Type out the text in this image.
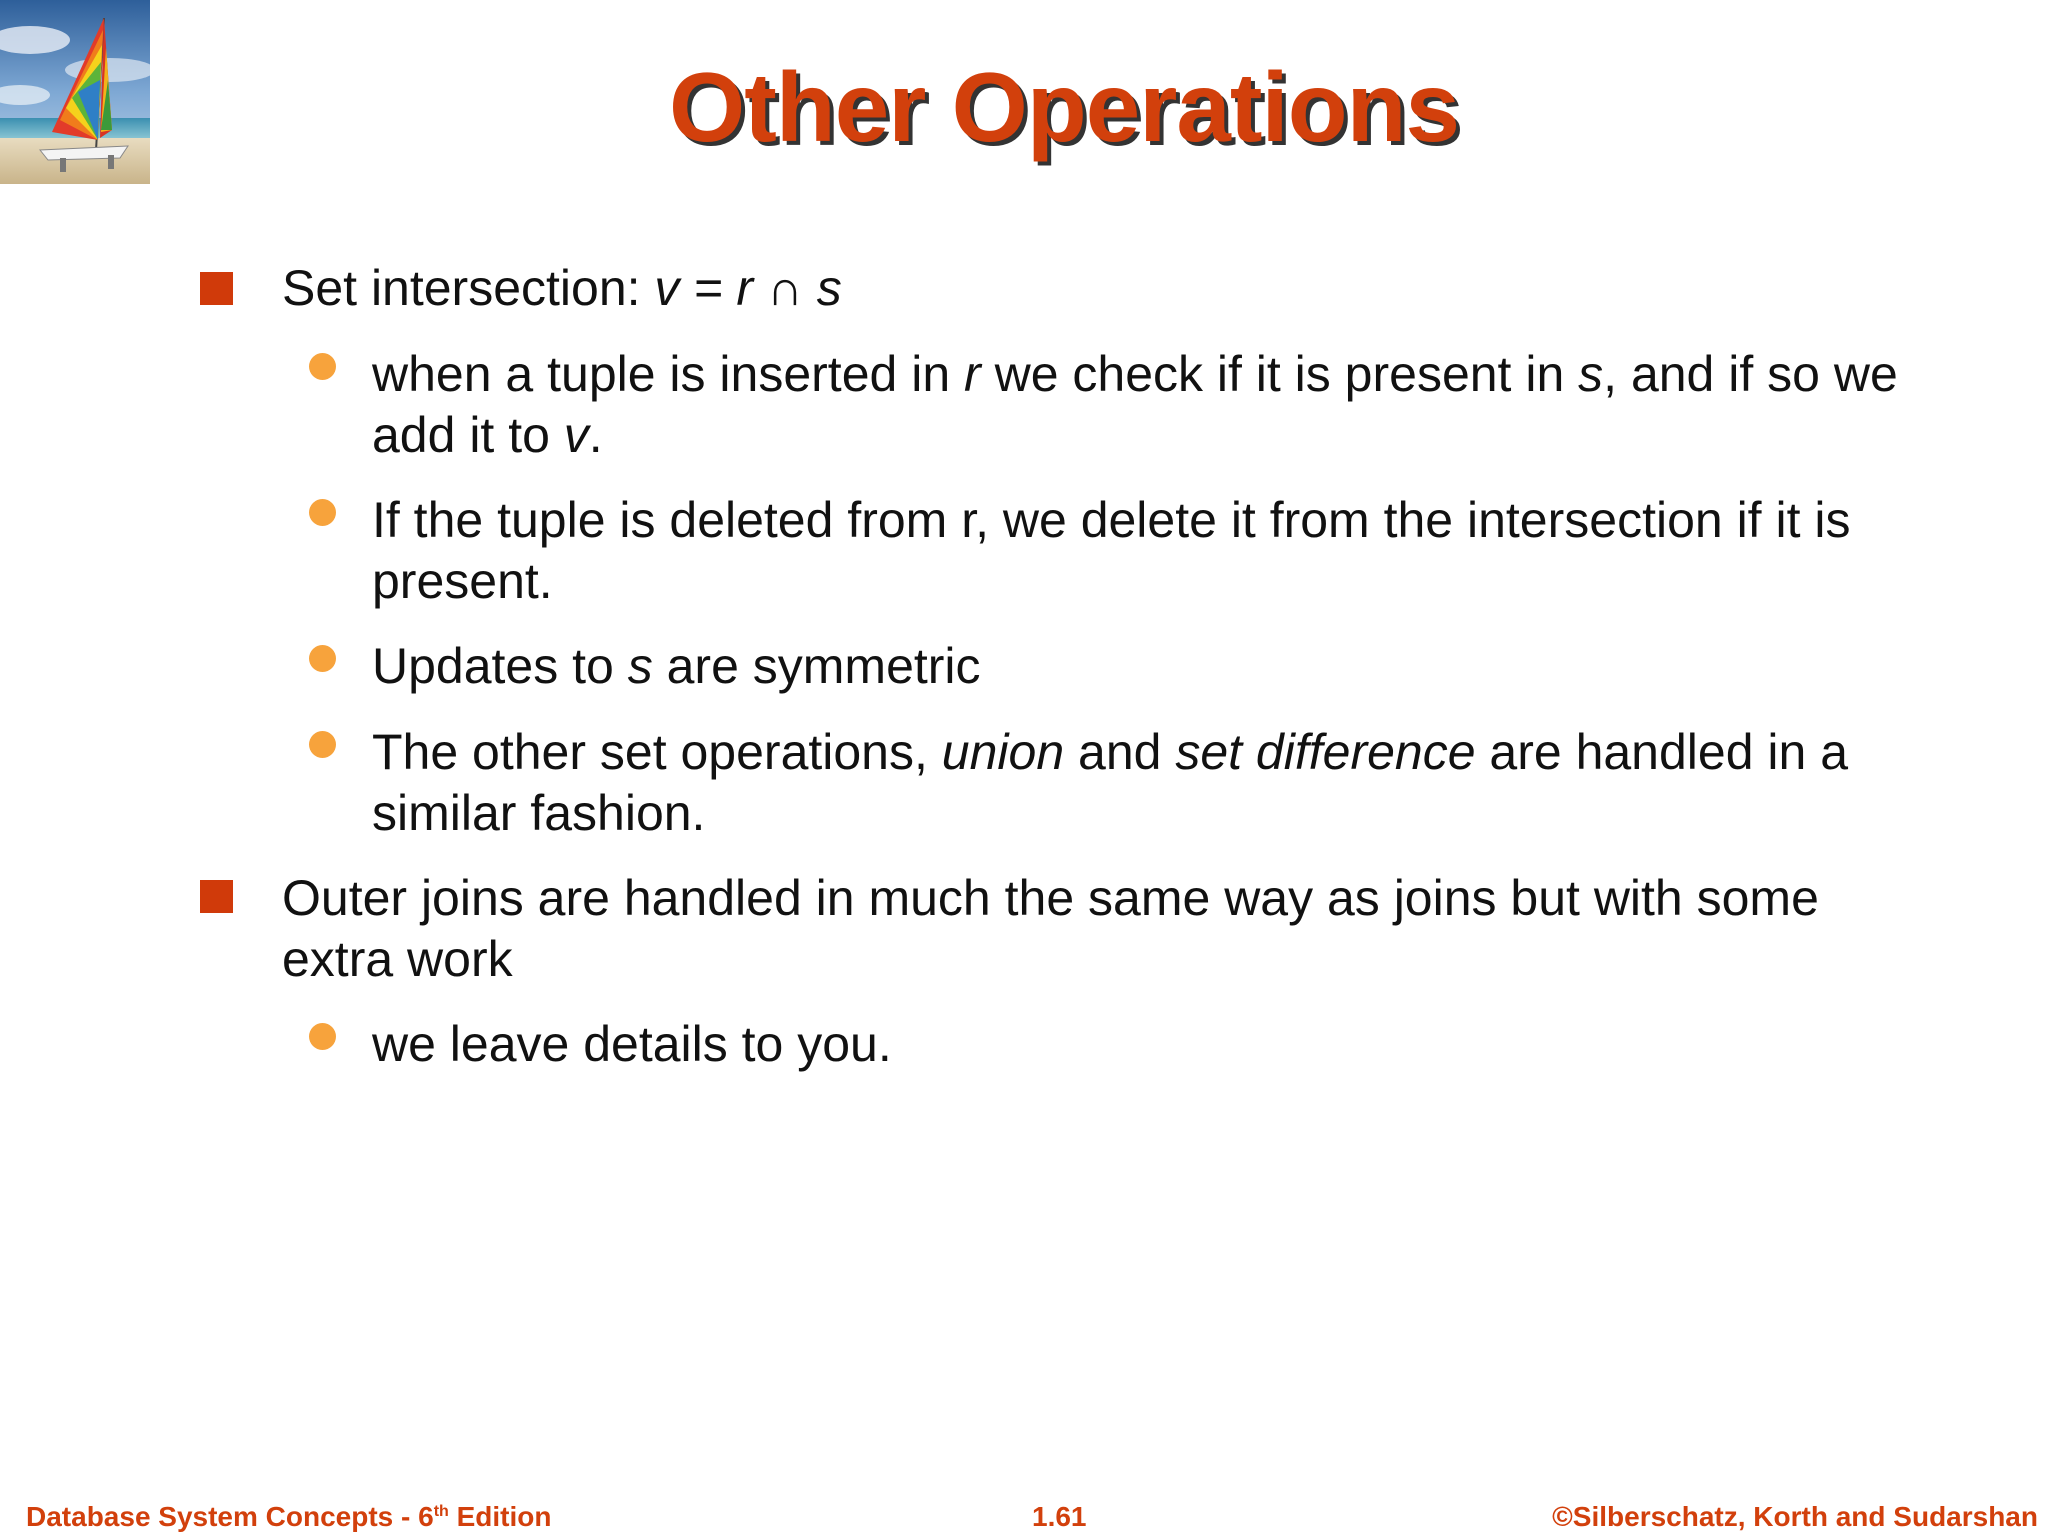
Other Operations
Set intersection: v = r ∩ s
when a tuple is inserted in r we check if it is present in s, and if so we add it to v.
If the tuple is deleted from r, we delete it from the intersection if it is present.
Updates to s are symmetric
The other set operations, union and set difference are handled in a similar fashion.
Outer joins are handled in much the same way as joins but with some extra work
we leave details to you.
Database System Concepts - 6th Edition	1.61	©Silberschatz, Korth and Sudarshan
